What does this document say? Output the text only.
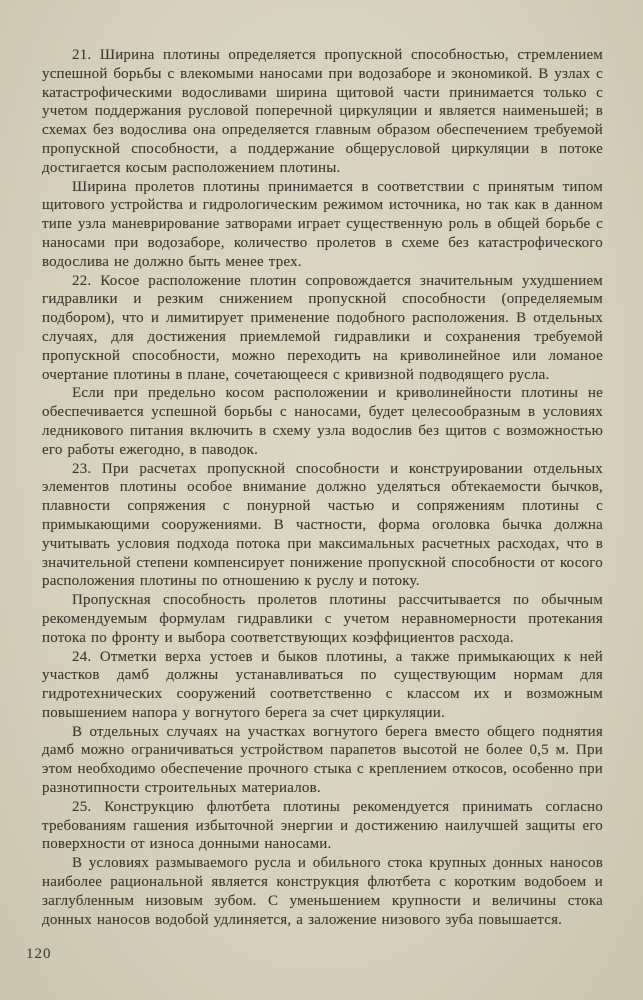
21. Ширина плотины определяется пропускной способностью, стремлением успешной борьбы с влекомыми наносами при водозаборе и экономикой. В узлах с катастрофическими водосливами ширина щитовой части принимается только с учетом поддержания русловой поперечной циркуляции и является наименьшей; в схемах без водослива она определяется главным образом обеспечением требуемой пропускной способности, а поддержание общерусловой циркуляции в потоке достигается косым расположением плотины.

Ширина пролетов плотины принимается в соответствии с принятым типом щитового устройства и гидрологическим режимом источника, но так как в данном типе узла маневрирование затворами играет существенную роль в общей борьбе с наносами при водозаборе, количество пролетов в схеме без катастрофического водослива не должно быть менее трех.

22. Косое расположение плотин сопровождается значительным ухудшением гидравлики и резким снижением пропускной способности (определяемым подбором), что и лимитирует применение подобного расположения. В отдельных случаях, для достижения приемлемой гидравлики и сохранения требуемой пропускной способности, можно переходить на криволинейное или ломаное очертание плотины в плане, сочетающееся с кривизной подводящего русла.

Если при предельно косом расположении и криволинейности плотины не обеспечивается успешной борьбы с наносами, будет целесообразным в условиях ледникового питания включить в схему узла водослив без щитов с возможностью его работы ежегодно, в паводок.

23. При расчетах пропускной способности и конструировании отдельных элементов плотины особое внимание должно уделяться обтекаемости бычков, плавности сопряжения с понурной частью и сопряжениям плотины с примыкающими сооружениями. В частности, форма оголовка бычка должна учитывать условия подхода потока при максимальных расчетных расходах, что в значительной степени компенсирует понижение пропускной способности от косого расположения плотины по отношению к руслу и потоку.

Пропускная способность пролетов плотины рассчитывается по обычным рекомендуемым формулам гидравлики с учетом неравномерности протекания потока по фронту и выбора соответствующих коэффициентов расхода.

24. Отметки верха устоев и быков плотины, а также примыкающих к ней участков дамб должны устанавливаться по существующим нормам для гидротехнических сооружений соответственно с классом их и возможным повышением напора у вогнутого берега за счет циркуляции.

В отдельных случаях на участках вогнутого берега вместо общего поднятия дамб можно ограничиваться устройством парапетов высотой не более 0,5 м. При этом необходимо обеспечение прочного стыка с креплением откосов, особенно при разнотипности строительных материалов.

25. Конструкцию флютбета плотины рекомендуется принимать согласно требованиям гашения избыточной энергии и достижению наилучшей защиты его поверхности от износа донными наносами.

В условиях размываемого русла и обильного стока крупных донных наносов наиболее рациональной является конструкция флютбета с коротким водобоем и заглубленным низовым зубом. С уменьшением крупности и величины стока донных наносов водобой удлиняется, а заложение низового зуба повышается.

120
